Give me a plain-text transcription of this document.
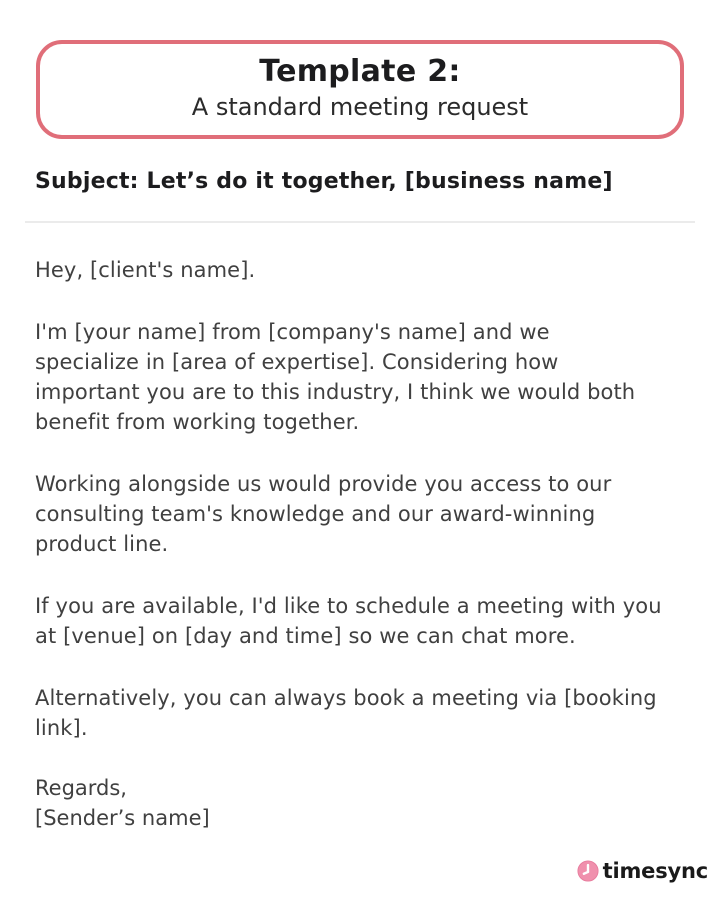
Template 2:
A standard meeting request
Subject: Let’s do it together, [business name]
Hey, [client's name].
I'm [your name] from [company's name] and we
specialize in [area of expertise]. Considering how
important you are to this industry, I think we would both
benefit from working together.
Working alongside us would provide you access to our
consulting team's knowledge and our award-winning
product line.
If you are available, I'd like to schedule a meeting with you
at [venue] on [day and time] so we can chat more.
Alternatively, you can always book a meeting via [booking
link].
Regards,
[Sender’s name]
timesync
